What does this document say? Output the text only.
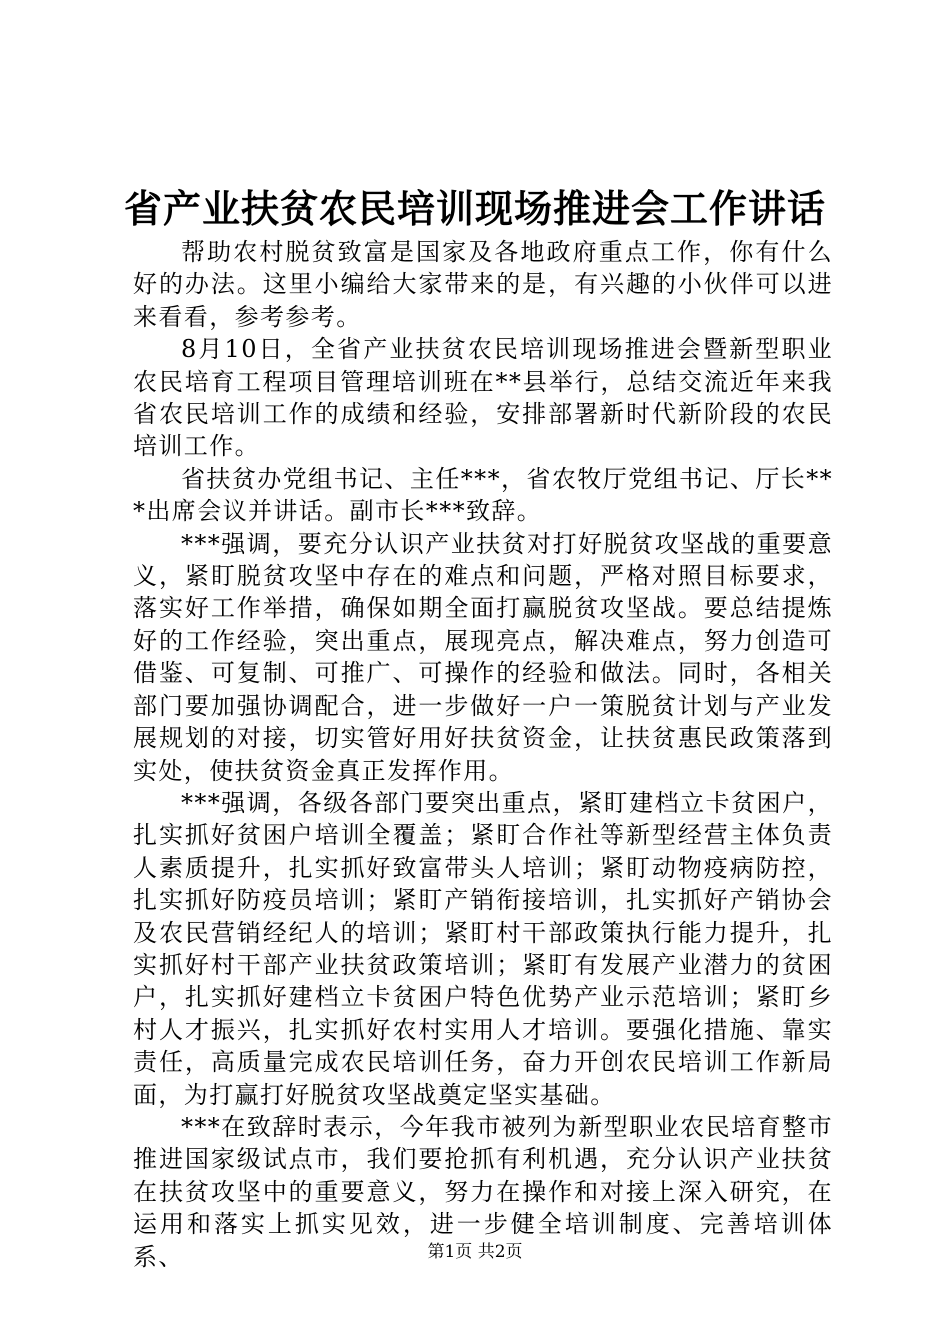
省产业扶贫农民培训现场推进会工作讲话

帮助农村脱贫致富是国家及各地政府重点工作，你有什么好的办法。这里小编给大家带来的是，有兴趣的小伙伴可以进来看看，参考参考。

8月10日，全省产业扶贫农民培训现场推进会暨新型职业农民培育工程项目管理培训班在**县举行，总结交流近年来我省农民培训工作的成绩和经验，安排部署新时代新阶段的农民培训工作。

省扶贫办党组书记、主任***，省农牧厅党组书记、厅长***出席会议并讲话。副市长***致辞。

***强调，要充分认识产业扶贫对打好脱贫攻坚战的重要意义，紧盯脱贫攻坚中存在的难点和问题，严格对照目标要求，落实好工作举措，确保如期全面打赢脱贫攻坚战。要总结提炼好的工作经验，突出重点，展现亮点，解决难点，努力创造可借鉴、可复制、可推广、可操作的经验和做法。同时，各相关部门要加强协调配合，进一步做好一户一策脱贫计划与产业发展规划的对接，切实管好用好扶贫资金，让扶贫惠民政策落到实处，使扶贫资金真正发挥作用。

***强调，各级各部门要突出重点，紧盯建档立卡贫困户，扎实抓好贫困户培训全覆盖；紧盯合作社等新型经营主体负责人素质提升，扎实抓好致富带头人培训；紧盯动物疫病防控，扎实抓好防疫员培训；紧盯产销衔接培训，扎实抓好产销协会及农民营销经纪人的培训；紧盯村干部政策执行能力提升，扎实抓好村干部产业扶贫政策培训；紧盯有发展产业潜力的贫困户，扎实抓好建档立卡贫困户特色优势产业示范培训；紧盯乡村人才振兴，扎实抓好农村实用人才培训。要强化措施、靠实责任，高质量完成农民培训任务，奋力开创农民培训工作新局面，为打赢打好脱贫攻坚战奠定坚实基础。

***在致辞时表示，今年我市被列为新型职业农民培育整市推进国家级试点市，我们要抢抓有利机遇，充分认识产业扶贫在扶贫攻坚中的重要意义，努力在操作和对接上深入研究，在运用和落实上抓实见效，进一步健全培训制度、完善培训体系、	第1页 共2页
